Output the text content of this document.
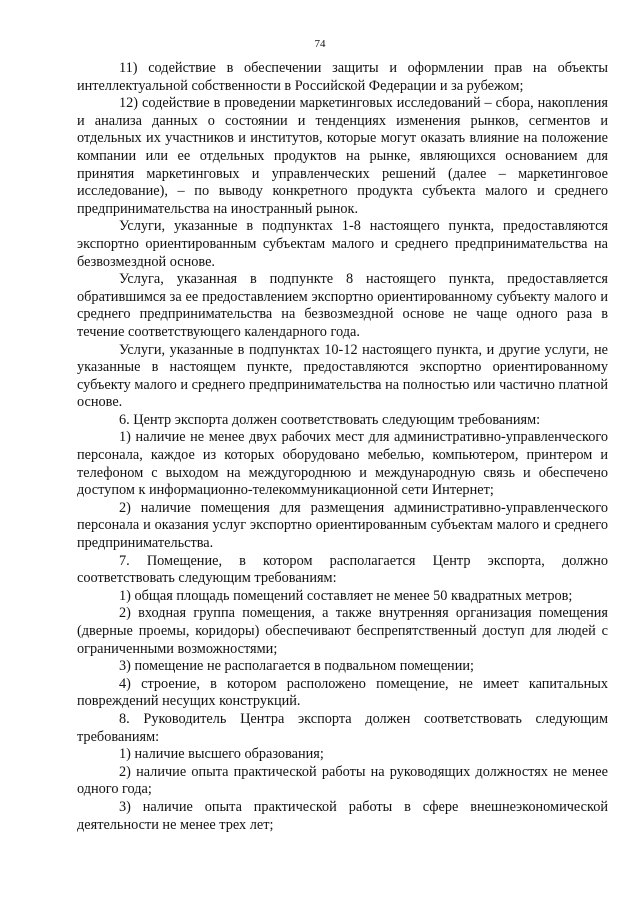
74

11) содействие в обеспечении защиты и оформлении прав на объекты интеллектуальной собственности в Российской Федерации и за рубежом;

12) содействие в проведении маркетинговых исследований – сбора, накопления и анализа данных о состоянии и тенденциях изменения рынков, сегментов и отдельных их участников и институтов, которые могут оказать влияние на положение компании или ее отдельных продуктов на рынке, являющихся основанием для принятия маркетинговых и управленческих решений (далее – маркетинговое исследование), – по выводу конкретного продукта субъекта малого и среднего предпринимательства на иностранный рынок.

Услуги, указанные в подпунктах 1-8 настоящего пункта, предоставляются экспортно ориентированным субъектам малого и среднего предпринимательства на безвозмездной основе.

Услуга, указанная в подпункте 8 настоящего пункта, предоставляется обратившимся за ее предоставлением экспортно ориентированному субъекту малого и среднего предпринимательства на безвозмездной основе не чаще одного раза в течение соответствующего календарного года.

Услуги, указанные в подпунктах 10-12 настоящего пункта, и другие услуги, не указанные в настоящем пункте, предоставляются экспортно ориентированному субъекту малого и среднего предпринимательства на полностью или частично платной основе.

6. Центр экспорта должен соответствовать следующим требованиям:

1) наличие не менее двух рабочих мест для административно-управленческого персонала, каждое из которых оборудовано мебелью, компьютером, принтером и телефоном с выходом на междугороднюю и международную связь и обеспечено доступом к информационно-телекоммуникационной сети Интернет;

2) наличие помещения для размещения административно-управленческого персонала и оказания услуг экспортно ориентированным субъектам малого и среднего предпринимательства.

7. Помещение, в котором располагается Центр экспорта, должно соответствовать следующим требованиям:

1) общая площадь помещений составляет не менее 50 квадратных метров;

2) входная группа помещения, а также внутренняя организация помещения (дверные проемы, коридоры) обеспечивают беспрепятственный доступ для людей с ограниченными возможностями;

3) помещение не располагается в подвальном помещении;

4) строение, в котором расположено помещение, не имеет капитальных повреждений несущих конструкций.

8. Руководитель Центра экспорта должен соответствовать следующим требованиям:

1) наличие высшего образования;

2) наличие опыта практической работы на руководящих должностях не менее одного года;

3) наличие опыта практической работы в сфере внешнеэкономической деятельности не менее трех лет;
